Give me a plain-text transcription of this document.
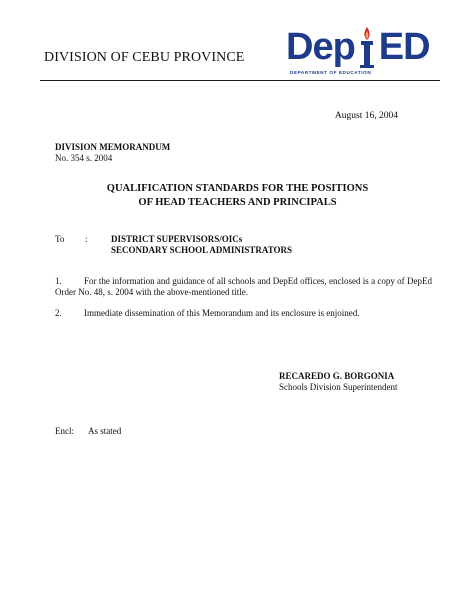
DIVISION OF CEBU PROVINCE Dep ED
DEPARTMENT OF EDUCATION
August 16, 2004
DIVISION MEMORANDUM
No. 354 s. 2004
QUALIFICATION STANDARDS FOR THE POSITIONS
OF HEAD TEACHERS AND PRINCIPALS
To :	DISTRICT SUPERVISORS/OICs
SECONDARY SCHOOL ADMINISTRATORS
1.	For the information and guidance of all schools and DepEd offices, enclosed is a copy of DepEd Order No. 48, s. 2004 with the above-mentioned title.
2.	Immediate dissemination of this Memorandum and its enclosure is enjoined.
RECAREDO G. BORGONIA
Schools Division Superintendent
Encl: As stated
